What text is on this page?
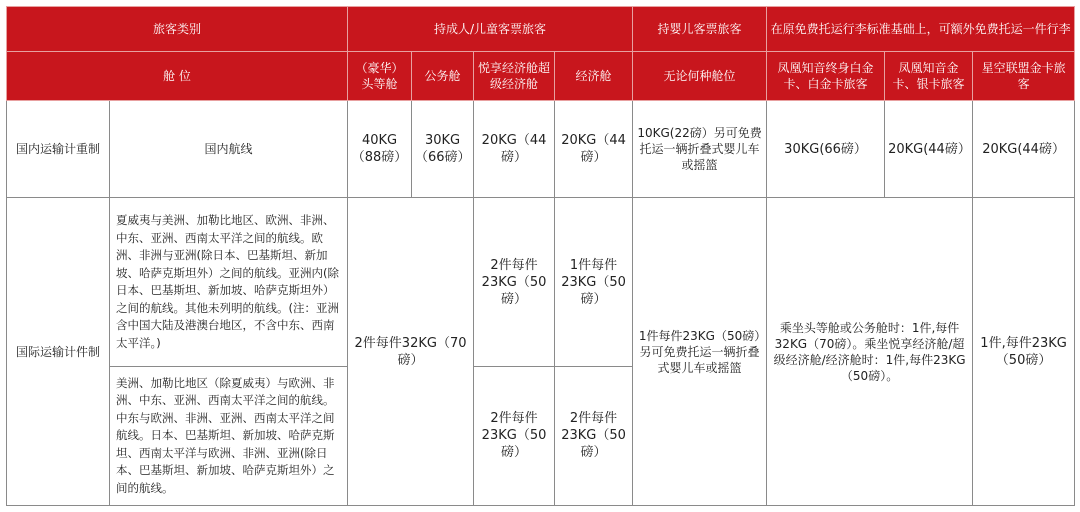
旅客类别		持成人/儿童客票旅客				持婴儿客票旅客	在原免费托运行李标准基础上，可额外免费托运一件行李		
舱 位		（豪华）头等舱	公务舱	悦享经济舱超级经济舱	经济舱	无论何种舱位	凤凰知音终身白金卡、白金卡旅客	凤凰知音金卡、银卡旅客	星空联盟金卡旅客
国内运输计重制	国内航线	40KG（88磅）	30KG（66磅）	20KG（44磅）	20KG（44磅）	10KG(22磅）另可免费托运一辆折叠式婴儿车或摇篮	30KG(66磅）	20KG(44磅）	20KG(44磅）
国际运输计件制	夏威夷与美洲、加勒比地区、欧洲、非洲、中东、亚洲、西南太平洋之间的航线。欧洲、非洲与亚洲(除日本、巴基斯坦、新加坡、哈萨克斯坦外）之间的航线。亚洲内(除日本、巴基斯坦、新加坡、哈萨克斯坦外）之间的航线。其他未列明的航线。(注：亚洲含中国大陆及港澳台地区，不含中东、西南太平洋。)	2件每件32KG（70磅）		2件每件23KG（50磅）	1件每件23KG（50磅）	1件每件23KG（50磅）另可免费托运一辆折叠式婴儿车或摇篮	乘坐头等舱或公务舱时：1件,每件32KG（70磅）。乘坐悦享经济舱/超级经济舱/经济舱时：1件,每件23KG（50磅）。		1件,每件23KG（50磅）
	美洲、加勒比地区（除夏威夷）与欧洲、非洲、中东、亚洲、西南太平洋之间的航线。中东与欧洲、非洲、亚洲、西南太平洋之间航线。日本、巴基斯坦、新加坡、哈萨克斯坦、西南太平洋与欧洲、非洲、亚洲(除日本、巴基斯坦、新加坡、哈萨克斯坦外）之间的航线。			2件每件23KG（50磅）	2件每件23KG（50磅）				
